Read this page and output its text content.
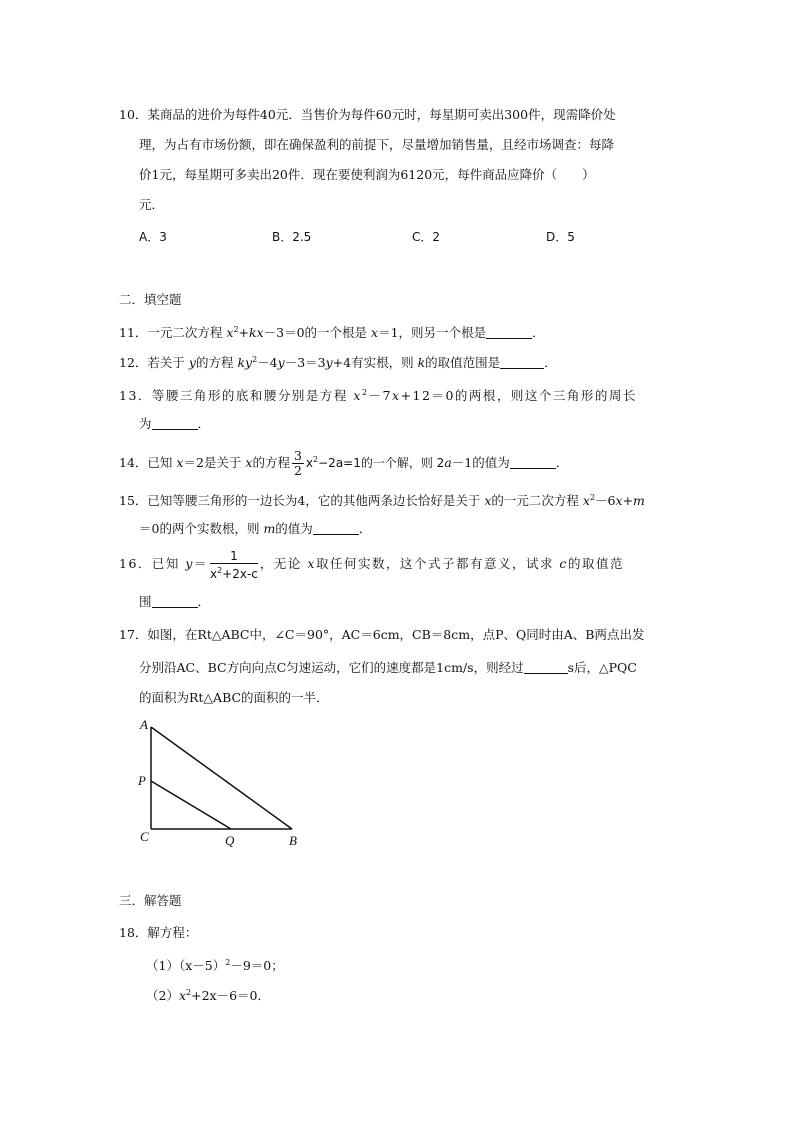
10．某商品的进价为每件40元．当售价为每件60元时，每星期可卖出300件，现需降价处
理，为占有市场份额，即在确保盈利的前提下，尽量增加销售量，且经市场调查：每降
价1元，每星期可多卖出20件．现在要使利润为6120元，每件商品应降价（　　）
元．
A．3	B．2.5	C．2	D．5
二．填空题
11．一元二次方程 $x^2+kx-3=0$的一个根是 x＝1，则另一个根是	．
12．若关于 y的方程 $ky^2-4y-3=3y+4$有实根，则 k的取值范围是	．
13．等腰三角形的底和腰分别是方程 $x^2-7x+12=0$的两根，则这个三角形的周长
为	．
14．已知 x＝2是关于 x的方程 $\frac{3}{2} x^2-2a=1$的一个解，则 2a－1的值为	．
15．已知等腰三角形的一边长为4，它的其他两条边长恰好是关于 x的一元二次方程 $x^2-6x+m$
＝0的两个实数根，则 m的值为	．
16．已知 $y= \frac{1}{x^2+2x-c}$ ，无论 x取任何实数，这个式子都有意义，试求 c的取值范
围	．
17．如图，在Rt△ABC中，∠C＝90°，AC＝6cm，CB＝8cm，点P、Q同时由A、B两点出发
分别沿AC、BC方向向点C匀速运动，它们的速度都是1cm/s，则经过	s后，△PQC
的面积为Rt△ABC的面积的一半．
A
P
C	Q	B
三．解答题
18．解方程：
$(1)(x-5)^2-9=0$；
$(2)x^2+2x-6=0$．
